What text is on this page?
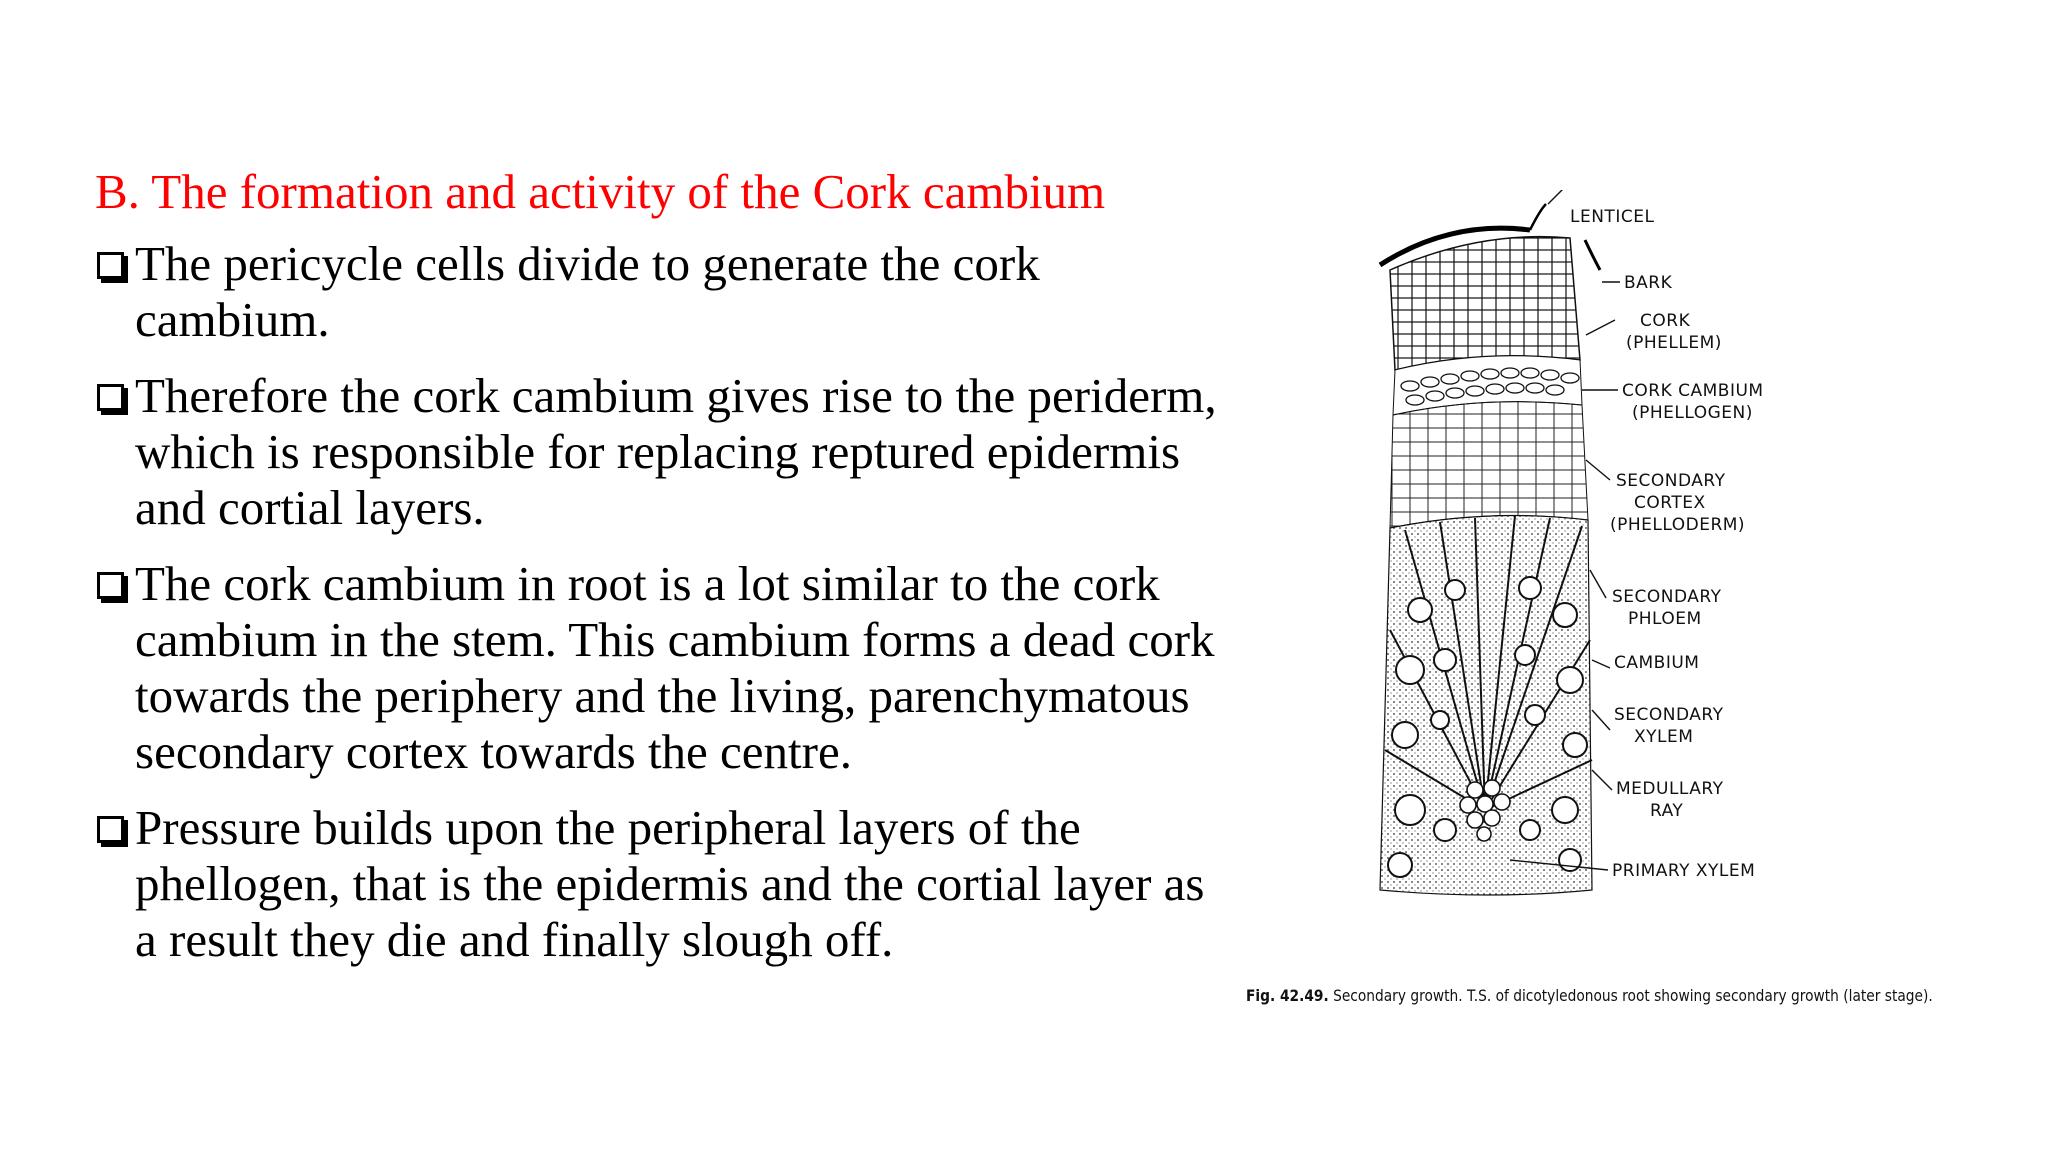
B. The formation and activity of the Cork cambium
The pericycle cells divide to generate the cork cambium.
Therefore the cork cambium gives rise to the periderm, which is responsible for replacing reptured epidermis and cortial layers.
The cork cambium in root is a lot similar to the cork cambium in the stem. This cambium forms a dead cork towards the periphery and the living, parenchymatous secondary cortex towards the centre.
Pressure builds upon the peripheral layers of the phellogen, that is the epidermis and the cortial layer as a result they die and finally slough off.
LENTICEL
BARK
CORK
(PHELLEM)
CORK CAMBIUM
(PHELLOGEN)
SECONDARY
CORTEX
(PHELLODERM)
SECONDARY
PHLOEM
CAMBIUM
SECONDARY
XYLEM
MEDULLARY
RAY
PRIMARY XYLEM
Fig. 42.49. Secondary growth. T.S. of dicotyledonous root showing secondary growth (later stage).
